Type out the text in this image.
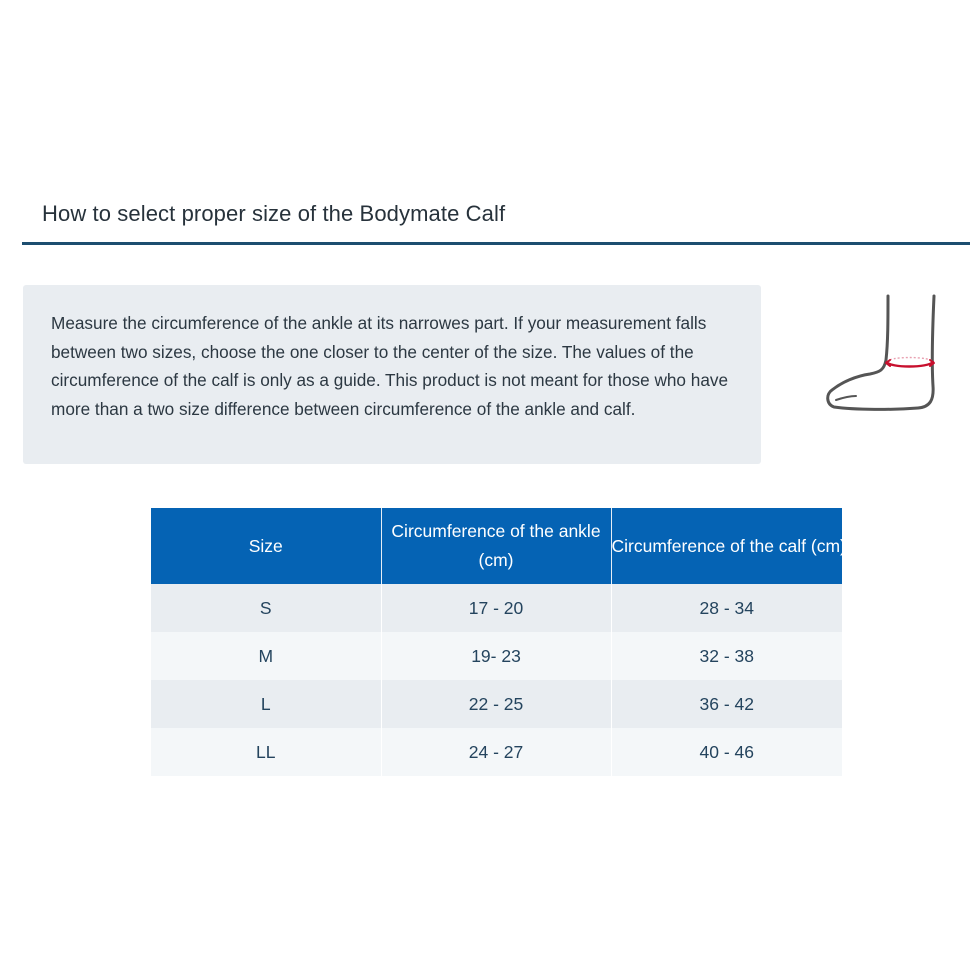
How to select proper size of the Bodymate Calf
Measure the circumference of the ankle at its narrowes part. If your measurement falls between two sizes, choose the one closer to the center of the size. The values of the circumference of the calf is only as a guide. This product is not meant for those who have more than a two size difference between circumference of the ankle and calf.
Size	Circumference of the ankle (cm)	Circumference of the calf (cm)
S	17 - 20	28 - 34
M	19- 23	32 - 38
L	22 - 25	36 - 42
LL	24 - 27	40 - 46
